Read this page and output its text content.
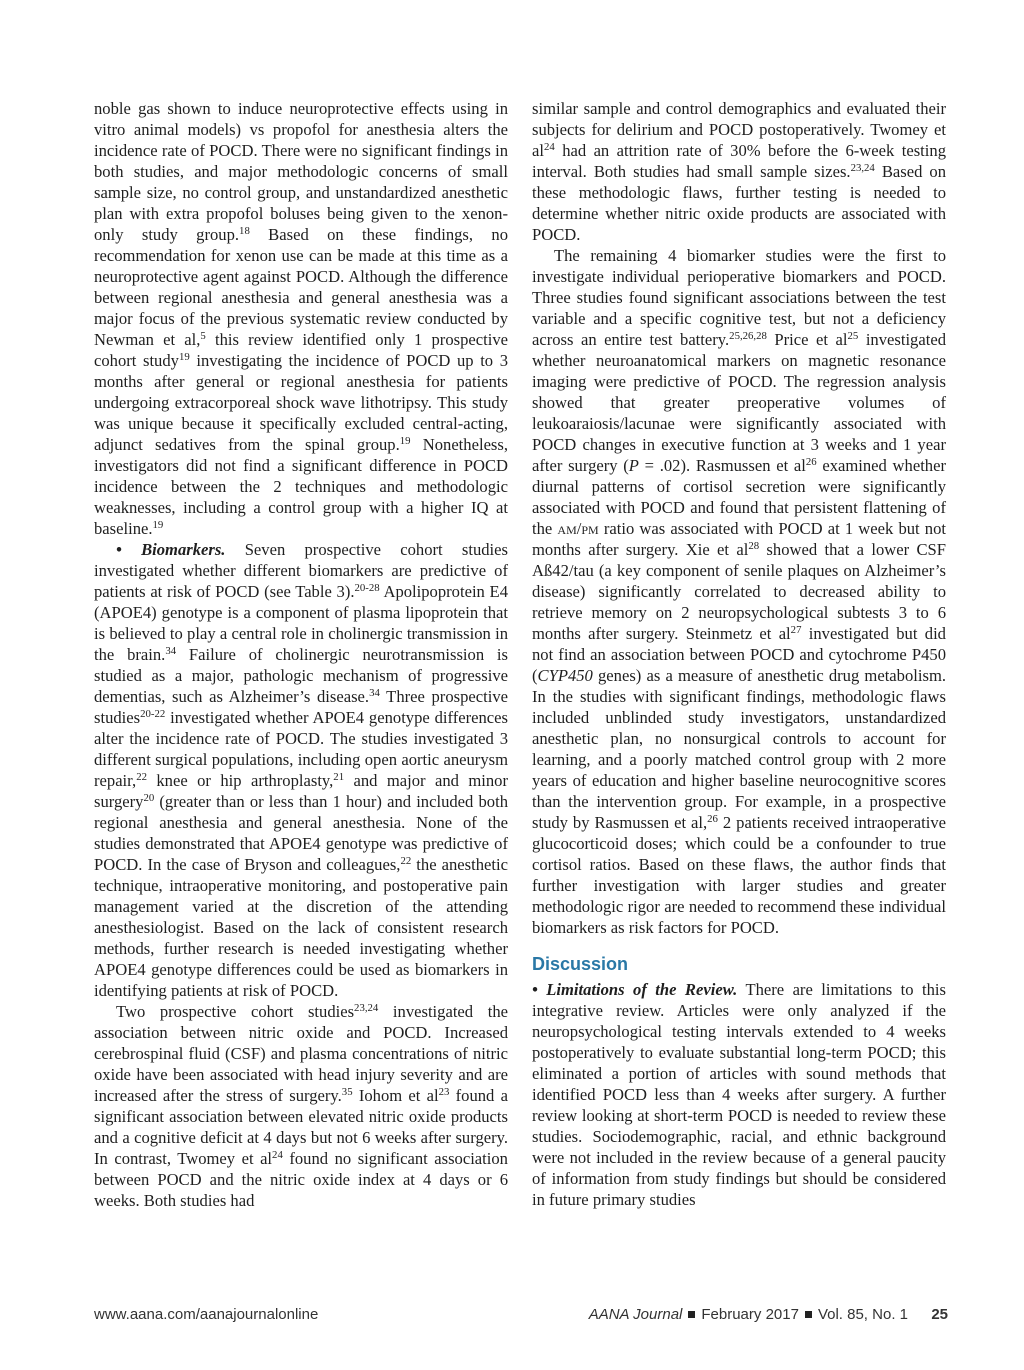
noble gas shown to induce neuroprotective effects using in vitro animal models) vs propofol for anesthesia alters the incidence rate of POCD. There were no significant findings in both studies, and major methodologic concerns of small sample size, no control group, and unstandardized anesthetic plan with extra propofol boluses being given to the xenon-only study group.$^{18}$ Based on these findings, no recommendation for xenon use can be made at this time as a neuroprotective agent against POCD. Although the difference between regional anesthesia and general anesthesia was a major focus of the previous systematic review conducted by Newman et al,$^5$ this review identified only 1 prospective cohort study$^{19}$ investigating the incidence of POCD up to 3 months after general or regional anesthesia for patients undergoing extracorporeal shock wave lithotripsy. This study was unique because it specifically excluded central-acting, adjunct sedatives from the spinal group.$^{19}$ Nonetheless, investigators did not find a significant difference in POCD incidence between the 2 techniques and methodologic weaknesses, including a control group with a higher IQ at baseline.$^{19}$

• Biomarkers. Seven prospective cohort studies investigated whether different biomarkers are predictive of patients at risk of POCD (see Table 3).$^{20-28}$ Apolipoprotein E4 (APOE4) genotype is a component of plasma lipoprotein that is believed to play a central role in cholinergic transmission in the brain.$^{34}$ Failure of cholinergic neurotransmission is studied as a major, pathologic mechanism of progressive dementias, such as Alzheimer’s disease.$^{34}$ Three prospective studies$^{20-22}$ investigated whether APOE4 genotype differences alter the incidence rate of POCD. The studies investigated 3 different surgical populations, including open aortic aneurysm repair,$^{22}$ knee or hip arthroplasty,$^{21}$ and major and minor surgery$^{20}$ (greater than or less than 1 hour) and included both regional anesthesia and general anesthesia. None of the studies demonstrated that APOE4 genotype was predictive of POCD. In the case of Bryson and colleagues,$^{22}$ the anesthetic technique, intraoperative monitoring, and postoperative pain management varied at the discretion of the attending anesthesiologist. Based on the lack of consistent research methods, further research is needed investigating whether APOE4 genotype differences could be used as biomarkers in identifying patients at risk of POCD.

Two prospective cohort studies$^{23,24}$ investigated the association between nitric oxide and POCD. Increased cerebrospinal fluid (CSF) and plasma concentrations of nitric oxide have been associated with head injury severity and are increased after the stress of surgery.$^{35}$ Iohom et $al^{23}$ found a significant association between elevated nitric oxide products and a cognitive deficit at 4 days but not 6 weeks after surgery. In contrast, Twomey et $al^{24}$ found no significant association between POCD and the nitric oxide index at 4 days or 6 weeks. Both studies had

similar sample and control demographics and evaluated their subjects for delirium and POCD postoperatively. Twomey et $al^{24}$ had an attrition rate of 30% before the 6-week testing interval. Both studies had small sample sizes.$^{23,24}$ Based on these methodologic flaws, further testing is needed to determine whether nitric oxide products are associated with POCD.

The remaining 4 biomarker studies were the first to investigate individual perioperative biomarkers and POCD. Three studies found significant associations between the test variable and a specific cognitive test, but not a deficiency across an entire test battery.$^{25,26,28}$ Price et $al^{25}$ investigated whether neuroanatomical markers on magnetic resonance imaging were predictive of POCD. The regression analysis showed that greater preoperative volumes of leukoaraiosis/lacunae were significantly associated with POCD changes in executive function at 3 weeks and 1 year after surgery (P = .02). Rasmussen et $al^{26}$ examined whether diurnal patterns of cortisol secretion were significantly associated with POCD and found that persistent flattening of the am/pm ratio was associated with POCD at 1 week but not months after surgery. Xie et $al^{28}$ showed that a lower CSF Aß42/tau (a key component of senile plaques on Alzheimer’s disease) significantly correlated to decreased ability to retrieve memory on 2 neuropsychological subtests 3 to 6 months after surgery. Steinmetz et $al^{27}$ investigated but did not find an association between POCD and cytochrome P450 (CYP450 genes) as a measure of anesthetic drug metabolism. In the studies with significant findings, methodologic flaws included unblinded study investigators, unstandardized anesthetic plan, no nonsurgical controls to account for learning, and a poorly matched control group with 2 more years of education and higher baseline neurocognitive scores than the intervention group. For example, in a prospective study by Rasmussen et al,$^{26}$ 2 patients received intraoperative glucocorticoid doses; which could be a confounder to true cortisol ratios. Based on these flaws, the author finds that further investigation with larger studies and greater methodologic rigor are needed to recommend these individual biomarkers as risk factors for POCD.

Discussion

• Limitations of the Review. There are limitations to this integrative review. Articles were only analyzed if the neuropsychological testing intervals extended to 4 weeks postoperatively to evaluate substantial long-term POCD; this eliminated a portion of articles with sound methods that identified POCD less than 4 weeks after surgery. A further review looking at short-term POCD is needed to review these studies. Sociodemographic, racial, and ethnic background were not included in the review because of a general paucity of information from study findings but should be considered in future primary studies

www.aana.com/aanajournalonline	AANA Journal February 2017 Vol. 85, No. 1 25
